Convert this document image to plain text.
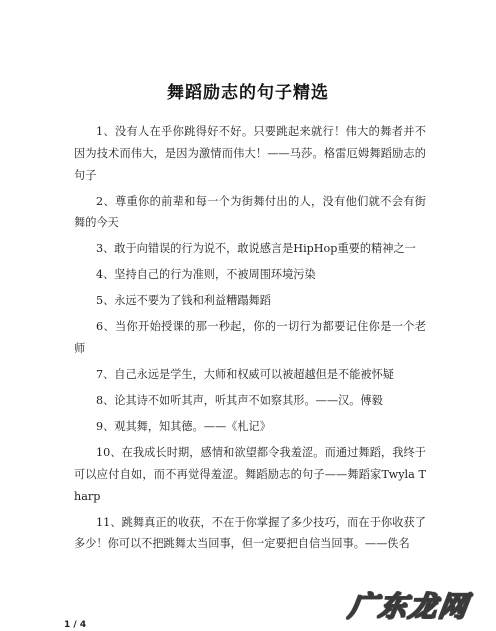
舞蹈励志的句子精选

1、没有人在乎你跳得好不好。只要跳起来就行！伟大的舞者并不因为技术而伟大，是因为激情而伟大！——马莎。格雷厄姆舞蹈励志的句子

2、尊重你的前辈和每一个为街舞付出的人，没有他们就不会有街舞的今天

3、敢于向错误的行为说不，敢说感言是HipHop重要的精神之一

4、坚持自己的行为准则，不被周围环境污染

5、永远不要为了钱和利益糟蹋舞蹈

6、当你开始授课的那一秒起，你的一切行为都要记住你是一个老师

7、自己永远是学生，大师和权威可以被超越但是不能被怀疑

8、论其诗不如听其声，听其声不如察其形。——汉。傅毅

9、观其舞，知其德。——《札记》

10、在我成长时期，感情和欲望都令我羞涩。而通过舞蹈，我终于可以应付自如，而不再觉得羞涩。舞蹈励志的句子——舞蹈家Twyla Tharp

11、跳舞真正的收获，不在于你掌握了多少技巧，而在于你收获了多少！你可以不把跳舞太当回事，但一定要把自信当回事。——佚名

1 / 4
广东龙网
